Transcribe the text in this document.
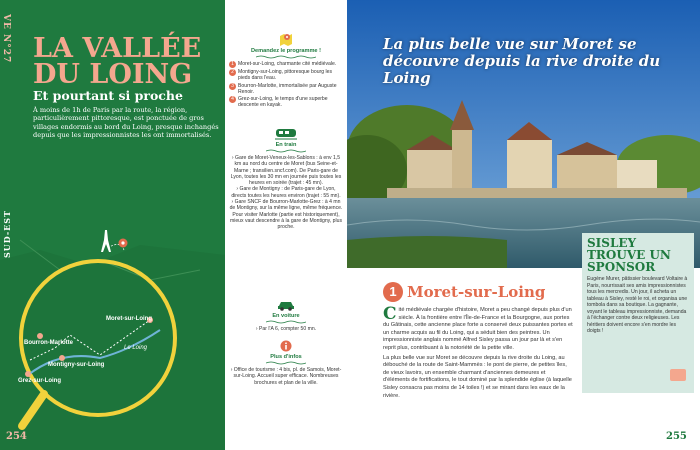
VE N°27
SUD-EST
LA VALLÉE
DU LOING
Et pourtant si proche
À moins de 1h de Paris par la route, la région, particulièrement pittoresque, est ponctuée de gros villages endormis au bord du Loing, presque inchangés depuis que les impressionnistes les ont immortalisés.
Moret-sur-Loing
Bourron-Marlotte
Montigny-sur-Loing
Grez-sur-Loing
Le Loing
254
Demandez le programme !
1 Moret-sur-Loing, charmante cité médiévale.
2 Montigny-sur-Loing, pittoresque bourg les pieds dans l'eau.
3 Bourron-Marlotte, immortalisée par Auguste Renoir.
4 Grez-sur-Loing, le temps d'une superbe descente en kayak.
En train

› Gare de Moret-Veneux-les-Sablons : à env 1,5 km au nord du centre de Moret (bus Seine-et-Marne ; transilien.sncf.com). De Paris-gare de Lyon, toutes les 30 mn en journée puis toutes les heures en soirée (trajet : 45 mn).

› Gare de Montigny : de Paris-gare de Lyon, directs toutes les heures environ (trajet : 55 mn).

› Gare SNCF de Bourron-Marlotte-Grez : à 4 mn de Montigny, sur la même ligne, même fréquence. Pour visiter Marlotte (partie est historiquement), mieux vaut descendre à la gare de Montigny, plus proche.

En voiture

› Par l'A 6, compter 50 mn.

Plus d'infos

› Office de tourisme : 4 bis, pl. de Samois, Moret-sur-Loing. Accueil super efficace. Nombreuses brochures et plan de la ville.

La plus belle vue sur Moret se découvre depuis la rive droite du Loing
1 Moret-sur-Loing
C ité médiévale chargée d'histoire, Moret a peu changé depuis plus d'un siècle. À la frontière entre l'Île-de-France et la Bourgogne, aux portes du Gâtinais, cette ancienne place forte a conservé deux puissantes portes et un charme acquis au fil du Loing, qui a séduit bien des peintres. Un impressionniste anglais nommé Alfred Sisley passa un jour par là et s'en reprit plus, contribuant à la notoriété de la petite ville.
La plus belle vue sur Moret se découvre depuis la rive droite du Loing, au débouché de la route de Saint-Mammès : le pont de pierre, de petites îles, de vieux lavoirs, un ensemble charmant d'anciennes demeures et d'éléments de fortifications, le tout dominé par la splendide église (à laquelle Sisley consacra pas moins de 14 toiles !) et se mirant dans les eaux de la rivière.
255
SISLEY TROUVE UN SPONSOR

Eugène Murer, pâtissier boulevard Voltaire à Paris, nourrissait ses amis impressionnistes tous les mercredis. Un jour, il acheta un tableau à Sisley, resté le roi, et organisa une tombola dans sa boutique. La gagnante, voyant le tableau impressionniste, demanda à l'échanger contre deux religieuses. Les héritiers doivent encore s'en mordre les doigts !
